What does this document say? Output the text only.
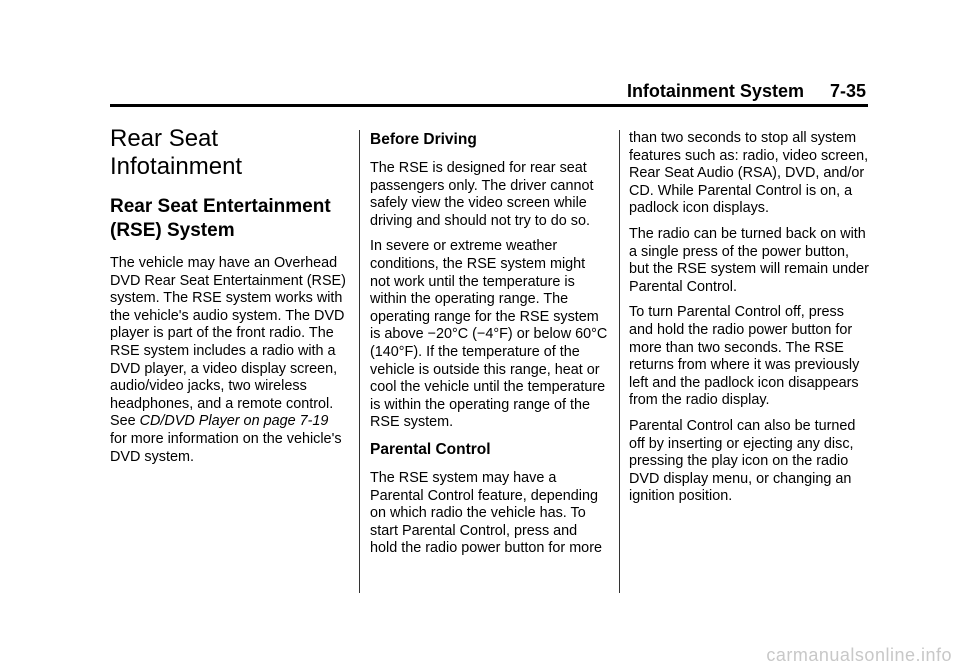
Infotainment System 7-35
Rear Seat
Infotainment
Rear Seat Entertainment
(RSE) System

The vehicle may have an Overhead DVD Rear Seat Entertainment (RSE) system. The RSE system works with the vehicle's audio system. The DVD player is part of the front radio. The RSE system includes a radio with a DVD player, a video display screen, audio/video jacks, two wireless headphones, and a remote control. See CD/DVD Player on page 7‑19 for more information on the vehicle's DVD system.

Before Driving

The RSE is designed for rear seat passengers only. The driver cannot safely view the video screen while driving and should not try to do so.

In severe or extreme weather conditions, the RSE system might not work until the temperature is within the operating range. The operating range for the RSE system is above −20°C (−4°F) or below 60°C (140°F). If the temperature of the vehicle is outside this range, heat or cool the vehicle until the temperature is within the operating range of the RSE system.

Parental Control

The RSE system may have a Parental Control feature, depending on which radio the vehicle has. To start Parental Control, press and hold the radio power button for more

than two seconds to stop all system features such as: radio, video screen, Rear Seat Audio (RSA), DVD, and/or CD. While Parental Control is on, a padlock icon displays.

The radio can be turned back on with a single press of the power button, but the RSE system will remain under Parental Control.

To turn Parental Control off, press and hold the radio power button for more than two seconds. The RSE returns from where it was previously left and the padlock icon disappears from the radio display.

Parental Control can also be turned off by inserting or ejecting any disc, pressing the play icon on the radio DVD display menu, or changing an ignition position.

carmanualsonline.info
